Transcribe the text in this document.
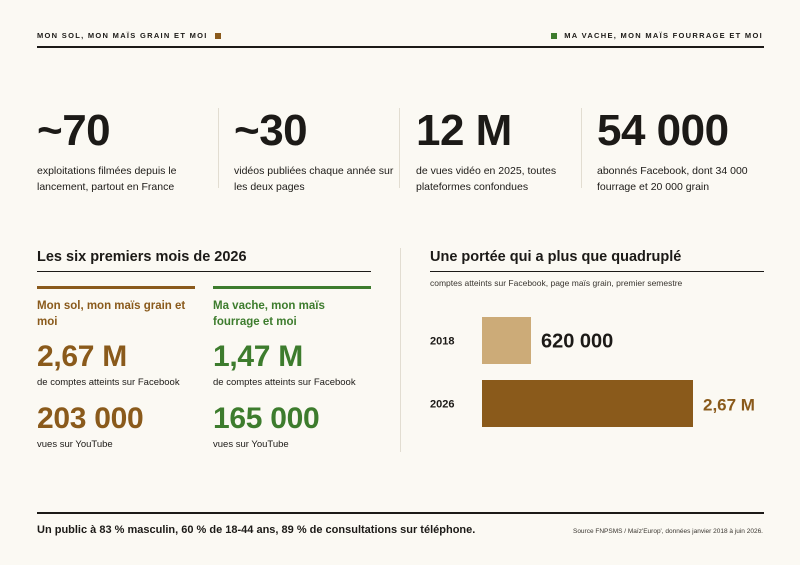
MON SOL, MON MAÏS GRAIN ET MOI	MA VACHE, MON MAÏS FOURRAGE ET MOI
~70
exploitations filmées depuis le lancement, partout en France
~30
vidéos publiées chaque année sur les deux pages
12 M
de vues vidéo en 2025, toutes plateformes confondues
54 000
abonnés Facebook, dont 34 000 fourrage et 20 000 grain
Les six premiers mois de 2026
Mon sol, mon maïs grain et moi
2,67 M
de comptes atteints sur Facebook
203 000
vues sur YouTube
Ma vache, mon maïs fourrage et moi
1,47 M
de comptes atteints sur Facebook
165 000
vues sur YouTube
Une portée qui a plus que quadruplé
comptes atteints sur Facebook, page maïs grain, premier semestre
2018	620 000
2026	2,67 M
Un public à 83 % masculin, 60 % de 18-44 ans, 89 % de consultations sur téléphone.	Source FNPSMS / Maïz'Europ', données janvier 2018 à juin 2026.
